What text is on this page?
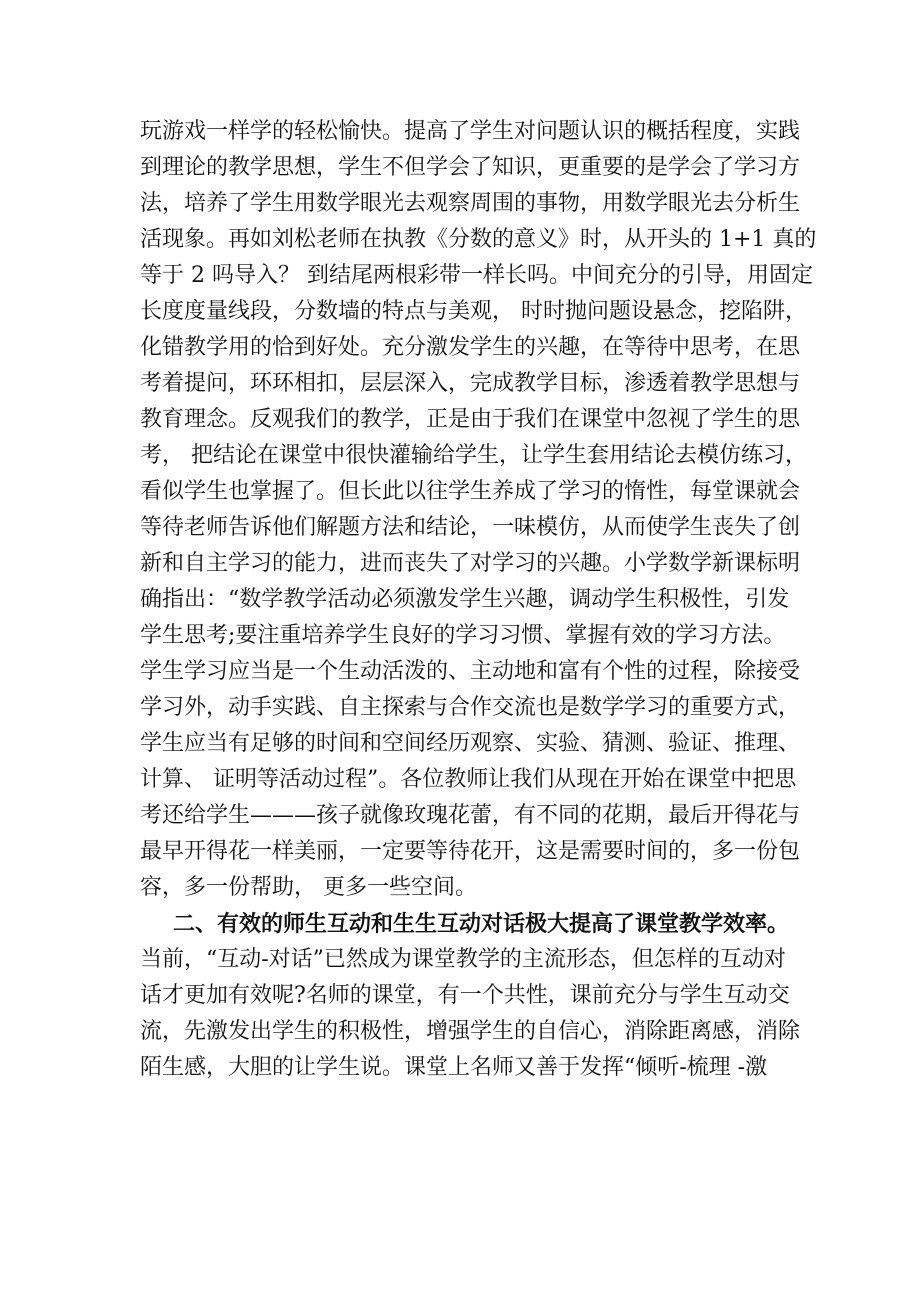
玩游戏一样学的轻松愉快。提高了学生对问题认识的概括程度，实践
到理论的教学思想，学生不但学会了知识，更重要的是学会了学习方
法，培养了学生用数学眼光去观察周围的事物，用数学眼光去分析生
活现象。再如刘松老师在执教《分数的意义》时，从开头的 1+1 真的
等于 2 吗导入？ 到结尾两根彩带一样长吗。中间充分的引导，用固定
长度度量线段，分数墙的特点与美观， 时时抛问题设悬念，挖陷阱，
化错教学用的恰到好处。充分激发学生的兴趣，在等待中思考，在思
考着提问，环环相扣，层层深入，完成教学目标，渗透着教学思想与
教育理念。反观我们的教学，正是由于我们在课堂中忽视了学生的思
考， 把结论在课堂中很快灌输给学生，让学生套用结论去模仿练习，
看似学生也掌握了。但长此以往学生养成了学习的惰性，每堂课就会
等待老师告诉他们解题方法和结论，一味模仿，从而使学生丧失了创
新和自主学习的能力，进而丧失了对学习的兴趣。小学数学新课标明
确指出：“数学教学活动必须激发学生兴趣，调动学生积极性，引发
学生思考;要注重培养学生良好的学习习惯、掌握有效的学习方法。
学生学习应当是一个生动活泼的、主动地和富有个性的过程，除接受
学习外，动手实践、自主探索与合作交流也是数学学习的重要方式，
学生应当有足够的时间和空间经历观察、实验、猜测、验证、推理、
计算、 证明等活动过程”。各位教师让我们从现在开始在课堂中把思
考还给学生———孩子就像玫瑰花蕾，有不同的花期，最后开得花与
最早开得花一样美丽，一定要等待花开，这是需要时间的，多一份包
容，多一份帮助， 更多一些空间。
二、有效的师生互动和生生互动对话极大提高了课堂教学效率。
当前，“互动-对话”已然成为课堂教学的主流形态，但怎样的互动对
话才更加有效呢?名师的课堂，有一个共性，课前充分与学生互动交
流，先激发出学生的积极性，增强学生的自信心，消除距离感，消除
陌生感，大胆的让学生说。课堂上名师又善于发挥“倾听-梳理 -激
